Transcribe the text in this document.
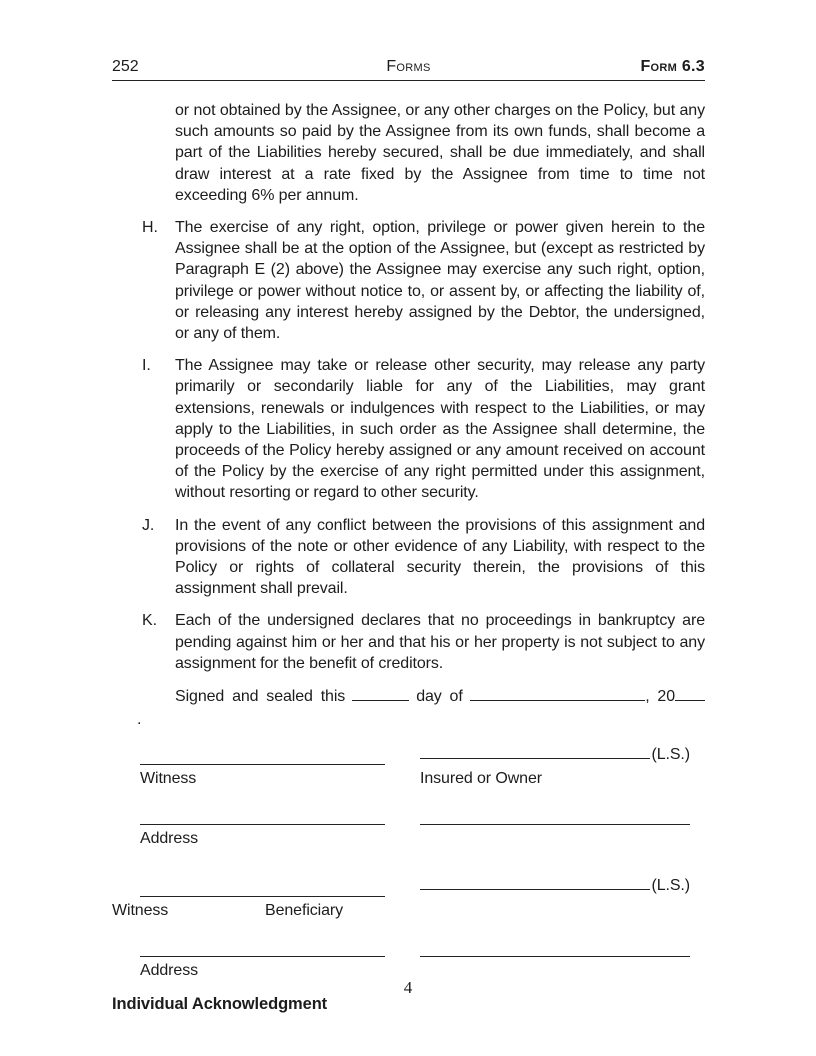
252	Forms	Form 6.3
or not obtained by the Assignee, or any other charges on the Policy, but any such amounts so paid by the Assignee from its own funds, shall become a part of the Liabilities hereby secured, shall be due immediately, and shall draw interest at a rate fixed by the Assignee from time to time not exceeding 6% per annum.
H.	The exercise of any right, option, privilege or power given herein to the Assignee shall be at the option of the Assignee, but (except as restricted by Paragraph E (2) above) the Assignee may exercise any such right, option, privilege or power without notice to, or assent by, or affecting the liability of, or releasing any interest hereby assigned by the Debtor, the undersigned, or any of them.
I.	The Assignee may take or release other security, may release any party primarily or secondarily liable for any of the Liabilities, may grant extensions, renewals or indulgences with respect to the Liabilities, or may apply to the Liabilities, in such order as the Assignee shall determine, the proceeds of the Policy hereby assigned or any amount received on account of the Policy by the exercise of any right permitted under this assignment, without resorting or regard to other security.
J.	In the event of any conflict between the provisions of this assignment and provisions of the note or other evidence of any Liability, with respect to the Policy or rights of collateral security therein, the provisions of this assignment shall prevail.
K.	Each of the undersigned declares that no proceedings in bankruptcy are pending against him or her and that his or her property is not subject to any assignment for the benefit of creditors.
Signed and sealed this	day of	, 20
.
(L.S.)
Witness	Insured or Owner
Address
(L.S.)
Witness	Beneficiary
Address
Individual Acknowledgment
4
